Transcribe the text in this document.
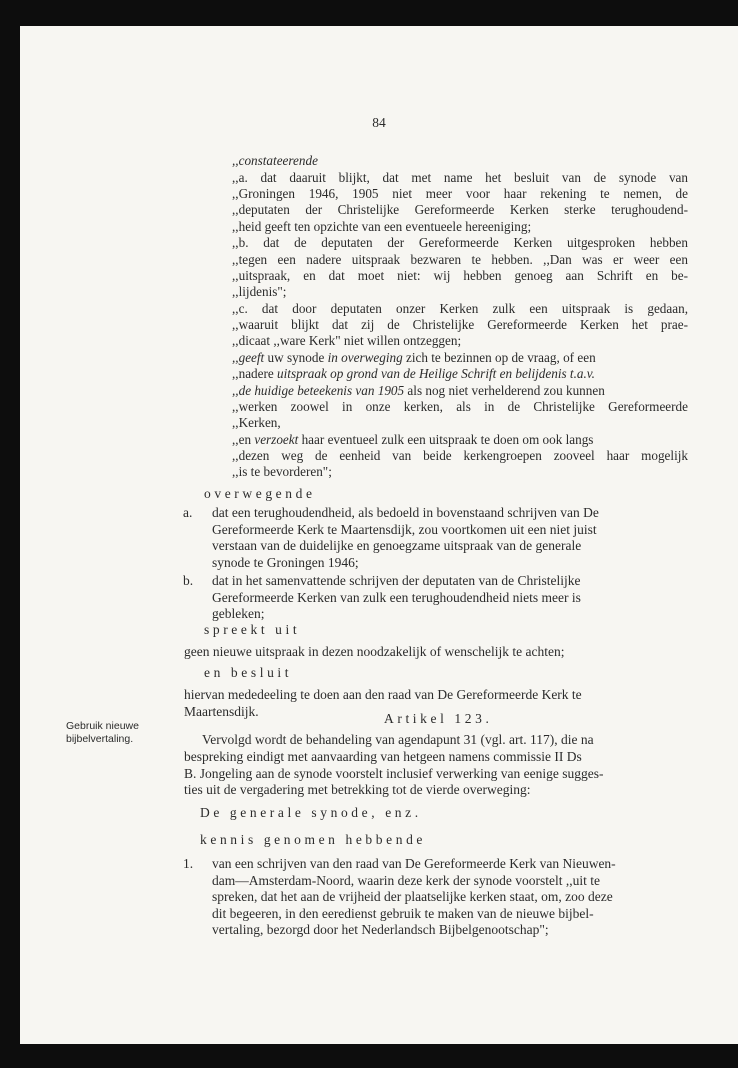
84
,,constateerende
,,a. dat daaruit blijkt, dat met name het besluit van de synode van
,,Groningen 1946, 1905 niet meer voor haar rekening te nemen, de
,,deputaten der Christelijke Gereformeerde Kerken sterke terughoudend-
,,heid geeft ten opzichte van een eventueele hereeniging;
,,b. dat de deputaten der Gereformeerde Kerken uitgesproken hebben
,,tegen een nadere uitspraak bezwaren te hebben. ,,Dan was er weer een
,,uitspraak, en dat moet niet: wij hebben genoeg aan Schrift en be-
,,lijdenis";
,,c. dat door deputaten onzer Kerken zulk een uitspraak is gedaan,
,,waaruit blijkt dat zij de Christelijke Gereformeerde Kerken het prae-
,,dicaat ,,ware Kerk" niet willen ontzeggen;
,,geeft uw synode in overweging zich te bezinnen op de vraag, of een
,,nadere uitspraak op grond van de Heilige Schrift en belijdenis t.a.v.
,,de huidige beteekenis van 1905 als nog niet verhelderend zou kunnen
,,werken zoowel in onze kerken, als in de Christelijke Gereformeerde
,,Kerken,
,,en verzoekt haar eventueel zulk een uitspraak te doen om ook langs
,,dezen weg de eenheid van beide kerkengroepen zooveel haar mogelijk
,,is te bevorderen";
overwegende
a. dat een terughoudendheid, als bedoeld in bovenstaand schrijven van De
Gereformeerde Kerk te Maartensdijk, zou voortkomen uit een niet juist
verstaan van de duidelijke en genoegzame uitspraak van de generale
synode te Groningen 1946;
b. dat in het samenvattende schrijven der deputaten van de Christelijke
Gereformeerde Kerken van zulk een terughoudendheid niets meer is
gebleken;
spreekt uit
geen nieuwe uitspraak in dezen noodzakelijk of wenschelijk te achten;
en besluit
hiervan mededeeling te doen aan den raad van De Gereformeerde Kerk te
Maartensdijk.	Artikel 123.
Gebruik nieuwe
bijbelvertaling.	Vervolgd wordt de behandeling van agendapunt 31 (vgl. art. 117), die na
bespreking eindigt met aanvaarding van hetgeen namens commissie II Ds
B. Jongeling aan de synode voorstelt inclusief verwerking van eenige sugges-
ties uit de vergadering met betrekking tot de vierde overweging:
De generale synode, enz.
kennis genomen hebbende
1. van een schrijven van den raad van De Gereformeerde Kerk van Nieuwen-
dam—Amsterdam-Noord, waarin deze kerk der synode voorstelt ,,uit te
spreken, dat het aan de vrijheid der plaatselijke kerken staat, om, zoo deze
dit begeeren, in den eeredienst gebruik te maken van de nieuwe bijbel-
vertaling, bezorgd door het Nederlandsch Bijbelgenootschap";
